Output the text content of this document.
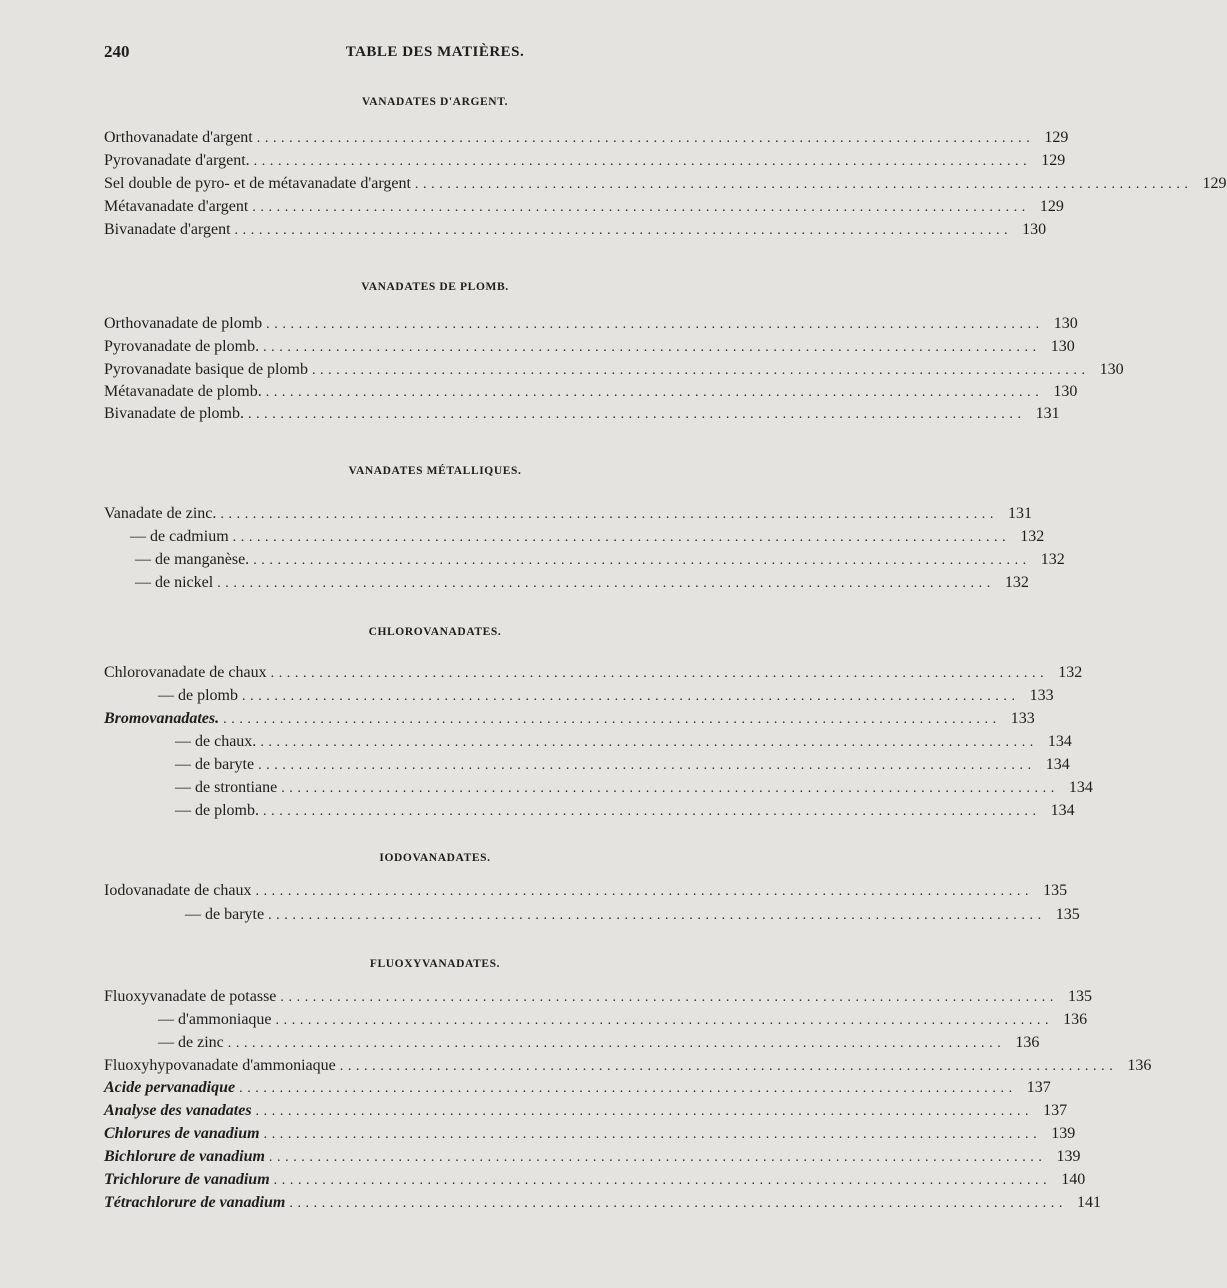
240	TABLE DES MATIÈRES.
VANADATES D'ARGENT.
Orthovanadate d'argent ................................................................................................ 129
Pyrovanadate d'argent. ................................................................................................ 129
Sel double de pyro- et de métavanadate d'argent ................................................................................................ 129
Métavanadate d'argent ................................................................................................ 129
Bivanadate d'argent ................................................................................................ 130
VANADATES DE PLOMB.
Orthovanadate de plomb ................................................................................................ 130
Pyrovanadate de plomb. ................................................................................................ 130
Pyrovanadate basique de plomb ................................................................................................ 130
Métavanadate de plomb. ................................................................................................ 130
Bivanadate de plomb. ................................................................................................ 131
VANADATES MÉTALLIQUES.
Vanadate de zinc. ................................................................................................ 131
— de cadmium ................................................................................................ 132
— de manganèse. ................................................................................................ 132
— de nickel ................................................................................................ 132
CHLOROVANADATES.
Chlorovanadate de chaux ................................................................................................ 132
— de plomb ................................................................................................ 133
Bromovanadates. ................................................................................................ 133
— de chaux. ................................................................................................ 134
— de baryte ................................................................................................ 134
— de strontiane ................................................................................................ 134
— de plomb. ................................................................................................ 134
IODOVANADATES.
Iodovanadate de chaux ................................................................................................ 135
— de baryte ................................................................................................ 135
FLUOXYVANADATES.
Fluoxyvanadate de potasse ................................................................................................ 135
— d'ammoniaque ................................................................................................ 136
— de zinc ................................................................................................ 136
Fluoxyhypovanadate d'ammoniaque ................................................................................................ 136
Acide pervanadique ................................................................................................ 137
Analyse des vanadates ................................................................................................ 137
Chlorures de vanadium ................................................................................................ 139
Bichlorure de vanadium ................................................................................................ 139
Trichlorure de vanadium ................................................................................................ 140
Tétrachlorure de vanadium ................................................................................................ 141
